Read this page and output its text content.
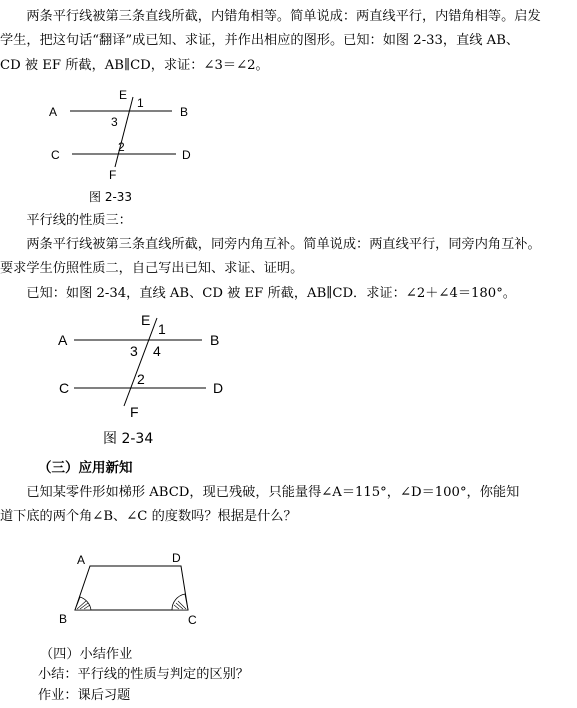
　　两条平行线被第三条直线所截，内错角相等。简单说成：两直线平行，内错角相等。启发
学生，把这句话“翻译”成已知、求证，并作出相应的图形。已知：如图 2-33，直线 AB、
CD 被 EF 所截，AB∥CD，求证：∠3＝∠2。
E
1
A	B
3
2
C	D
F
图 2-33
　　平行线的性质三：
　　两条平行线被第三条直线所截，同旁内角互补。简单说成：两直线平行，同旁内角互补。
要求学生仿照性质二，自己写出已知、求证、证明。
　　已知：如图 2-34，直线 AB、CD 被 EF 所截，AB∥CD．求证：∠2＋∠4＝180°。
E
1
A	B
3 4
2
C	D
F
图 2-34
（三）应用新知
　　已知某零件形如梯形 ABCD，现已残破，只能量得∠A＝115°，∠D＝100°，你能知
道下底的两个角∠B、∠C 的度数吗？根据是什么？
A	D
B	C
（四）小结作业
小结：平行线的性质与判定的区别？
作业：课后习题
